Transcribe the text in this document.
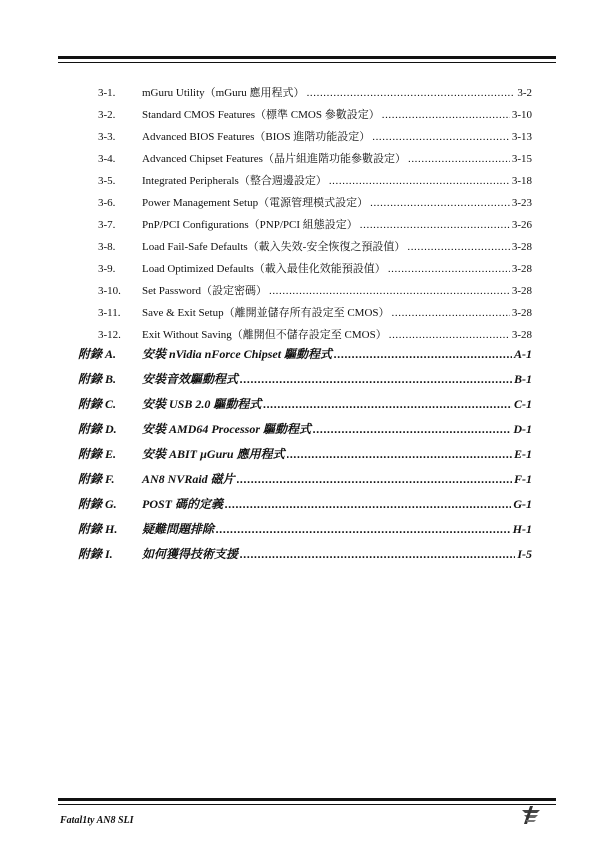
3-1.	mGuru Utility（mGuru 應用程式） .....	3-2
3-2.	Standard CMOS Features（標準 CMOS 參數設定） .....	3-10
3-3.	Advanced BIOS Features（BIOS 進階功能設定） .....	3-13
3-4.	Advanced Chipset Features（晶片組進階功能參數設定） .....	3-15
3-5.	Integrated Peripherals（整合週邊設定） .....	3-18
3-6.	Power Management Setup（電源管理模式設定） .....	3-23
3-7.	PnP/PCI Configurations（PNP/PCI 組態設定） .....	3-26
3-8.	Load Fail-Safe Defaults（載入失效-安全恢復之預設值） .....	3-28
3-9.	Load Optimized Defaults（載入最佳化效能預設值） .....	3-28
3-10.	Set Password（設定密碼） .....	3-28
3-11.	Save & Exit Setup（離開並儲存所有設定至 CMOS） .....	3-28
3-12.	Exit Without Saving（離開但不儲存設定至 CMOS） .....	3-28
附錄 A.	安裝 nVidia nForce Chipset 驅動程式 .....	A-1
附錄 B.	安裝音效驅動程式 .....	B-1
附錄 C.	安裝 USB 2.0 驅動程式 .....	C-1
附錄 D.	安裝 AMD64 Processor 驅動程式 .....	D-1
附錄 E.	安裝 ABIT µGuru 應用程式 .....	E-1
附錄 F.	AN8 NVRaid 磁片 .....	F-1
附錄 G.	POST 碼的定義 .....	G-1
附錄 H.	疑難問題排除 .....	H-1
附錄 I.	如何獲得技術支援 .....	I-5
Fatal1ty AN8 SLI
